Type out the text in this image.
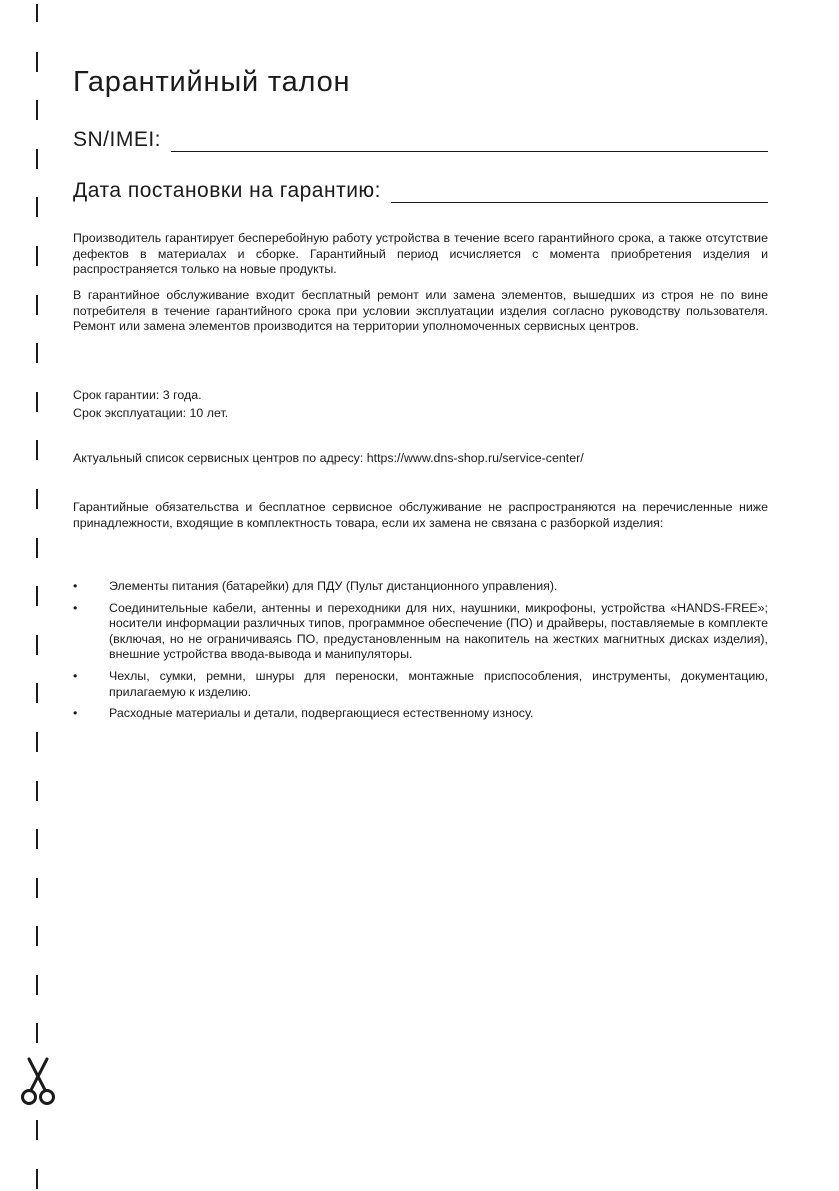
Гарантийный талон
SN/IMEI:
Дата постановки на гарантию:

Производитель гарантирует бесперебойную работу устройства в течение всего гарантийного срока, а также отсутствие дефектов в материалах и сборке. Гарантийный период исчисляется с момента приобретения изделия и распространяется только на новые продукты.

В гарантийное обслуживание входит бесплатный ремонт или замена элементов, вышедших из строя не по вине потребителя в течение гарантийного срока при условии эксплуатации изделия согласно руководству пользователя. Ремонт или замена элементов производится на территории уполномоченных сервисных центров.

Срок гарантии: 3 года.

Срок эксплуатации: 10 лет.

Актуальный список сервисных центров по адресу: https://www.dns-shop.ru/service-center/

Гарантийные обязательства и бесплатное сервисное обслуживание не распространяются на перечисленные ниже принадлежности, входящие в комплектность товара, если их замена не связана с разборкой изделия:

•	Элементы питания (батарейки) для ПДУ (Пульт дистанционного управления).
•	Соединительные кабели, антенны и переходники для них, наушники, микрофоны, устройства «HANDS-FREE»; носители информации различных типов, программное обеспечение (ПО) и драйверы, поставляемые в комплекте (включая, но не ограничиваясь ПО, предустановленным на накопитель на жестких магнитных дисках изделия), внешние устройства ввода-вывода и манипуляторы.
•	Чехлы, сумки, ремни, шнуры для переноски, монтажные приспособления, инструменты, документацию, прилагаемую к изделию.
•	Расходные материалы и детали, подвергающиеся естественному износу.
